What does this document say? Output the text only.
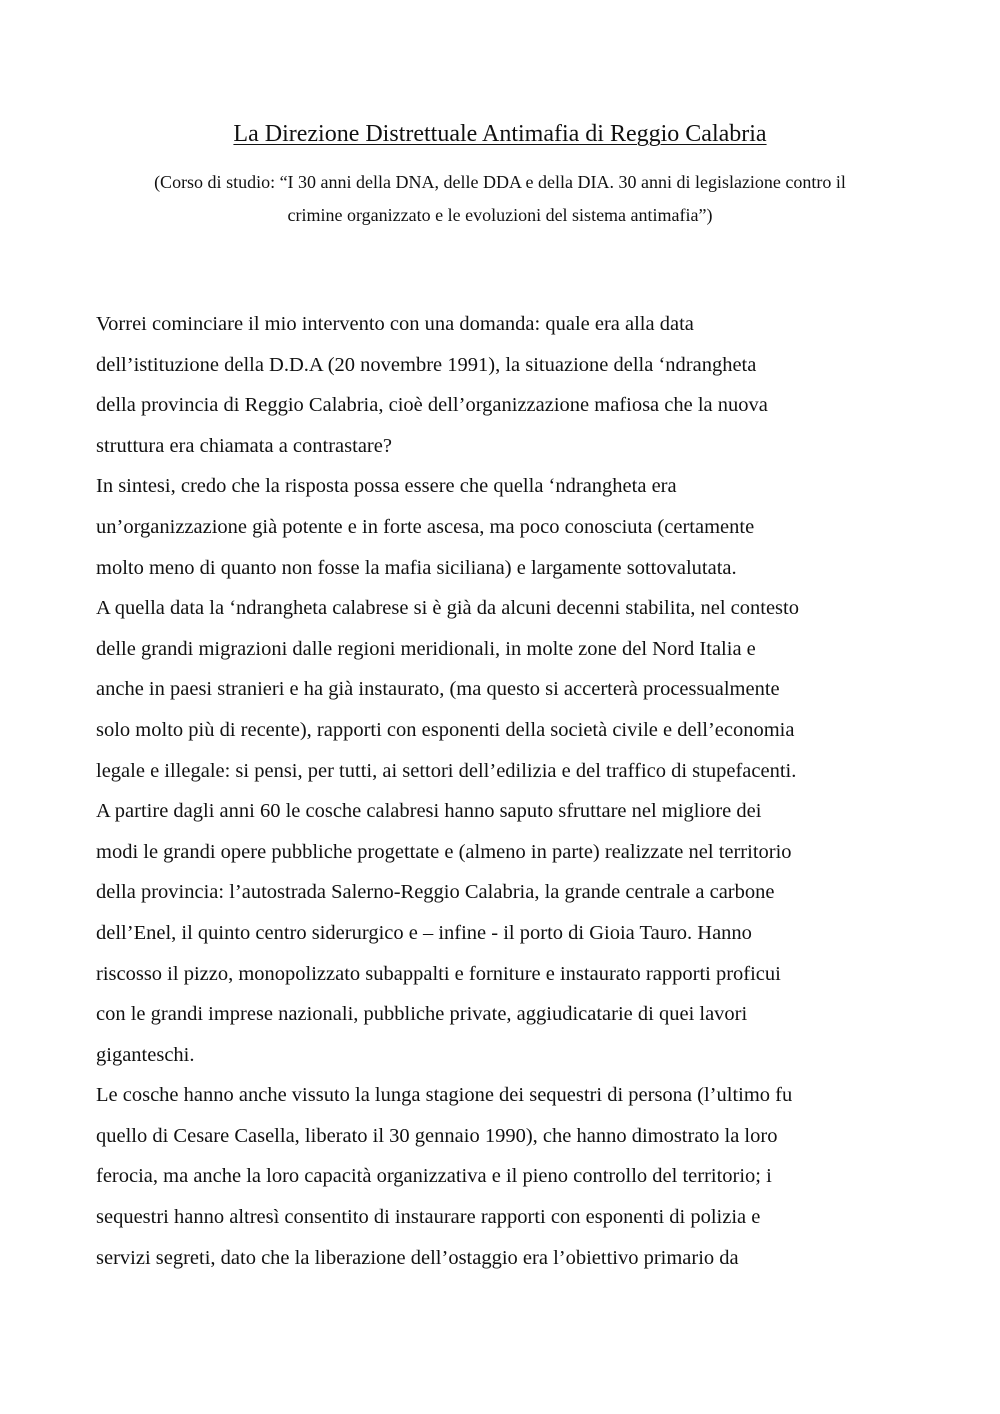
La Direzione Distrettuale Antimafia di Reggio Calabria
(Corso di studio: “I 30 anni della DNA, delle DDA e della DIA. 30 anni di legislazione contro il
crimine organizzato e le evoluzioni del sistema antimafia”)
Vorrei cominciare il mio intervento con una domanda: quale era alla data
dell’istituzione della D.D.A (20 novembre 1991), la situazione della ‘ndrangheta
della provincia di Reggio Calabria, cioè dell’organizzazione mafiosa che la nuova
struttura era chiamata a contrastare?
In sintesi, credo che la risposta possa essere che quella ‘ndrangheta era
un’organizzazione già potente e in forte ascesa, ma poco conosciuta (certamente
molto meno di quanto non fosse la mafia siciliana) e largamente sottovalutata.
A quella data la ‘ndrangheta calabrese si è già da alcuni decenni stabilita, nel contesto
delle grandi migrazioni dalle regioni meridionali, in molte zone del Nord Italia e
anche in paesi stranieri e ha già instaurato, (ma questo si accerterà processualmente
solo molto più di recente), rapporti con esponenti della società civile e dell’economia
legale e illegale: si pensi, per tutti, ai settori dell’edilizia e del traffico di stupefacenti.
A partire dagli anni 60 le cosche calabresi hanno saputo sfruttare nel migliore dei
modi le grandi opere pubbliche progettate e (almeno in parte) realizzate nel territorio
della provincia: l’autostrada Salerno-Reggio Calabria, la grande centrale a carbone
dell’Enel, il quinto centro siderurgico e – infine - il porto di Gioia Tauro. Hanno
riscosso il pizzo, monopolizzato subappalti e forniture e instaurato rapporti proficui
con le grandi imprese nazionali, pubbliche private, aggiudicatarie di quei lavori
giganteschi.
Le cosche hanno anche vissuto la lunga stagione dei sequestri di persona (l’ultimo fu
quello di Cesare Casella, liberato il 30 gennaio 1990), che hanno dimostrato la loro
ferocia, ma anche la loro capacità organizzativa e il pieno controllo del territorio; i
sequestri hanno altresì consentito di instaurare rapporti con esponenti di polizia e
servizi segreti, dato che la liberazione dell’ostaggio era l’obiettivo primario da
